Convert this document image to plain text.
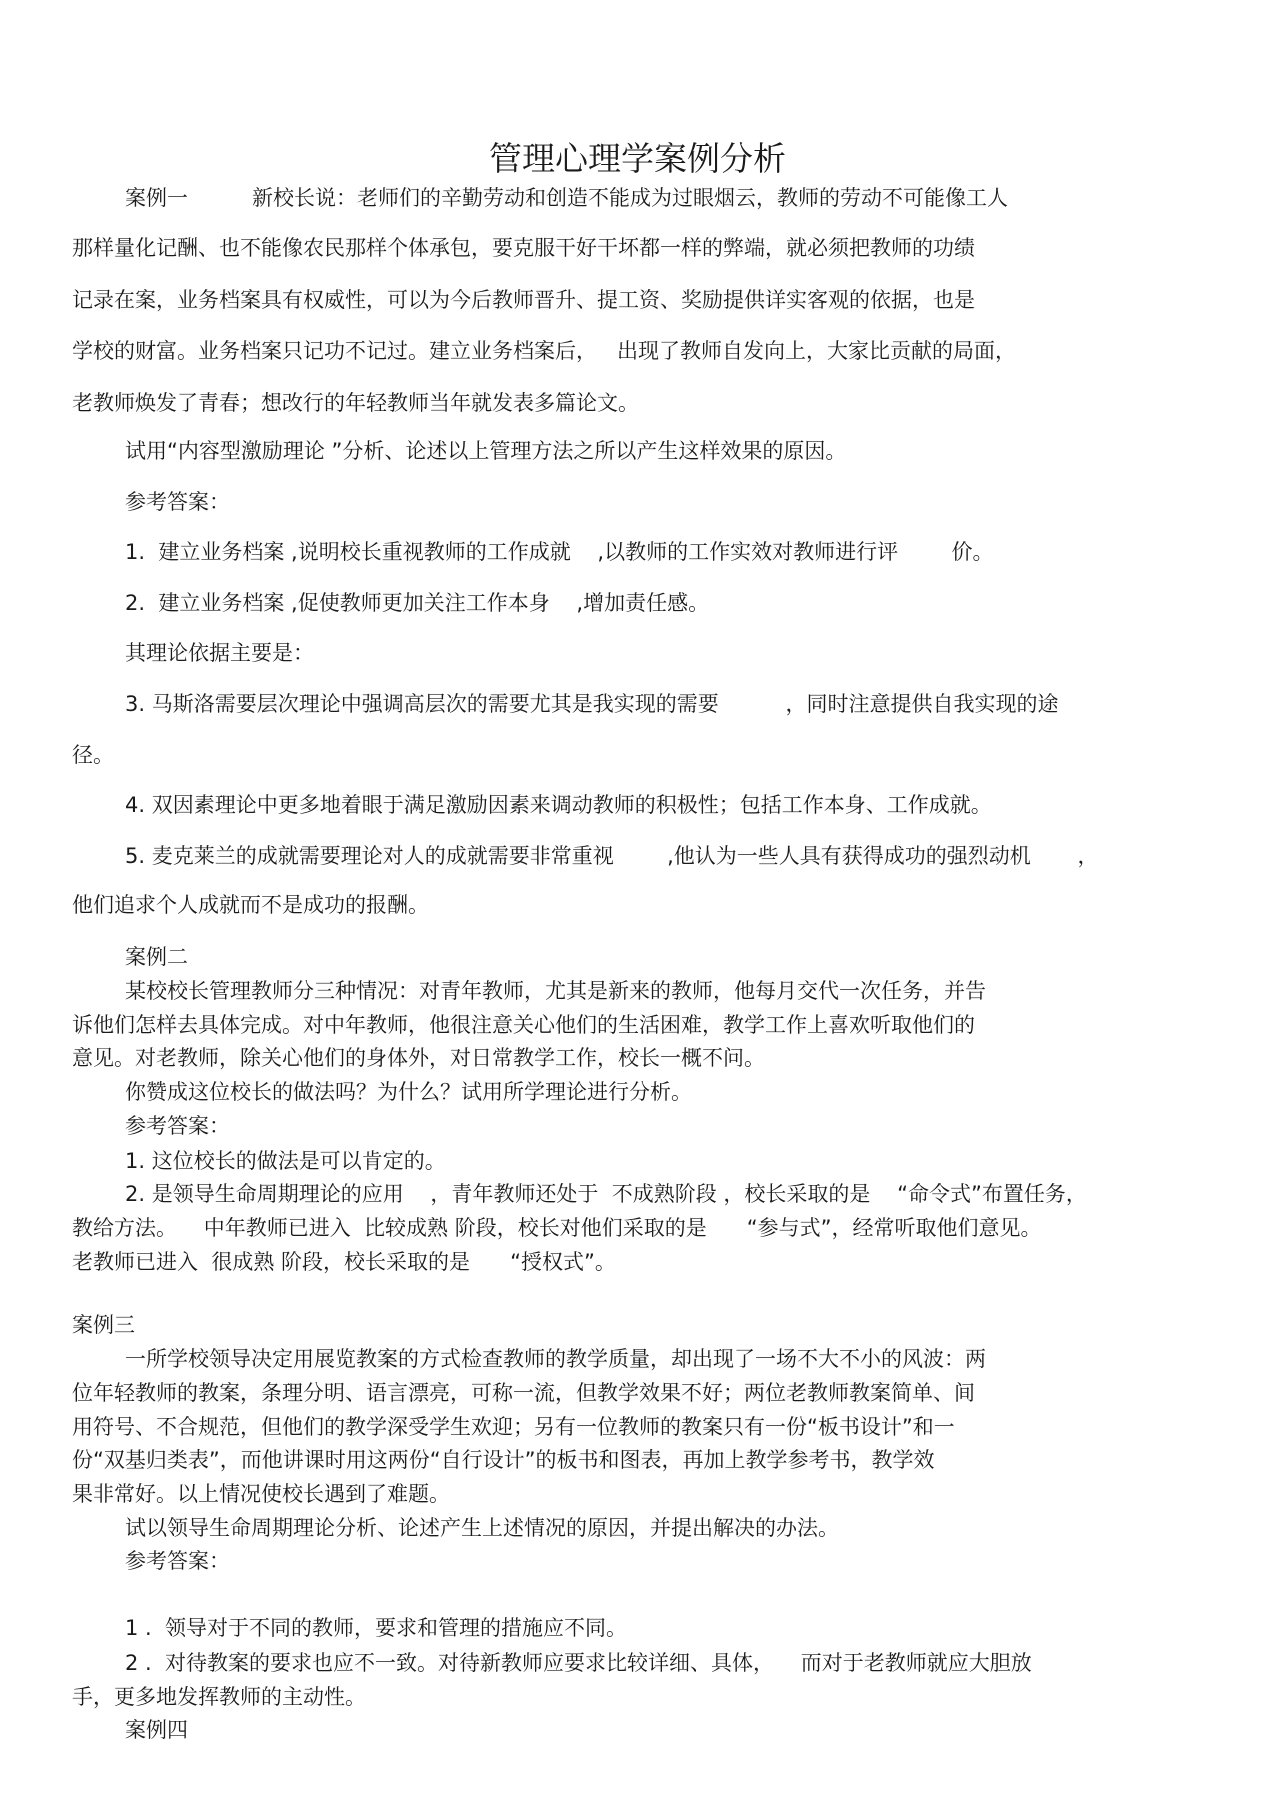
管理心理学案例分析
案例一	新校长说：老师们的辛勤劳动和创造不能成为过眼烟云，教师的劳动不可能像工人
那样量化记酬、也不能像农民那样个体承包，要克服干好干坏都一样的弊端，就必须把教师的功绩
记录在案，业务档案具有权威性，可以为今后教师晋升、提工资、奖励提供详实客观的依据，也是
学校的财富。业务档案只记功不记过。建立业务档案后，   出现了教师自发向上，大家比贡献的局面，
老教师焕发了青春；想改行的年轻教师当年就发表多篇论文。
试用“内容型激励理论 ”分析、论述以上管理方法之所以产生这样效果的原因。
参考答案：
1.  建立业务档案 ,说明校长重视教师的工作成就    ,以教师的工作实效对教师进行评        价。
2.  建立业务档案 ,促使教师更加关注工作本身    ,增加责任感。
其理论依据主要是：
3. 马斯洛需要层次理论中强调高层次的需要尤其是我实现的需要          ，同时注意提供自我实现的途
径。
4. 双因素理论中更多地着眼于满足激励因素来调动教师的积极性；包括工作本身、工作成就。
5. 麦克莱兰的成就需要理论对人的成就需要非常重视        ,他认为一些人具有获得成功的强烈动机       ，
他们追求个人成就而不是成功的报酬。
案例二
某校校长管理教师分三种情况：对青年教师，尤其是新来的教师，他每月交代一次任务，并告
诉他们怎样去具体完成。对中年教师，他很注意关心他们的生活困难，教学工作上喜欢听取他们的
意见。对老教师，除关心他们的身体外，对日常教学工作，校长一概不问。
你赞成这位校长的做法吗？为什么？试用所学理论进行分析。
参考答案：
1. 这位校长的做法是可以肯定的。
2. 是领导生命周期理论的应用    ，青年教师还处于  不成熟阶段 ，校长采取的是    “命令式”布置任务，
教给方法。    中年教师已进入  比较成熟 阶段，校长对他们采取的是      “参与式”，经常听取他们意见。
老教师已进入  很成熟 阶段，校长采取的是      “授权式”。
案例三
一所学校领导决定用展览教案的方式检查教师的教学质量，却出现了一场不大不小的风波：两
位年轻教师的教案，条理分明、语言漂亮，可称一流，但教学效果不好；两位老教师教案简单、间
用符号、不合规范，但他们的教学深受学生欢迎；另有一位教师的教案只有一份“板书设计”和一
份“双基归类表”，而他讲课时用这两份“自行设计”的板书和图表，再加上教学参考书，教学效
果非常好。以上情况使校长遇到了难题。
试以领导生命周期理论分析、论述产生上述情况的原因，并提出解决的办法。
参考答案：
1 .  领导对于不同的教师，要求和管理的措施应不同。
2 .  对待教案的要求也应不一致。对待新教师应要求比较详细、具体，    而对于老教师就应大胆放
手，更多地发挥教师的主动性。
案例四
